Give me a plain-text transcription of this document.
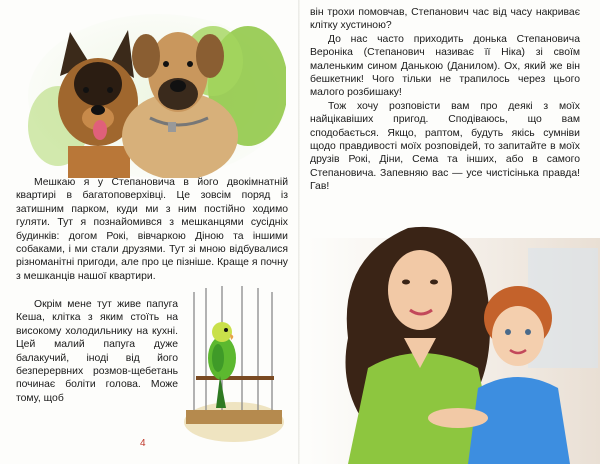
Мешкаю я у Степановича в його двокімнатній квартирі в багатоповерхівці. Це зовсім поряд із затишним парком, куди ми з ним постійно ходимо гуляти. Тут я познайомився з мешканцями сусідніх будинків: догом Рокі, вівчаркою Діною та іншими собаками, і ми стали друзями. Тут зі мною відбувалися різноманітні пригоди, але про це пізніше. Краще я почну з мешканців нашої квартири.

Окрім мене тут живе папуга Кеша, клітка з яким стоїть на високому холодильнику на кухні. Цей малий папуга дуже балакучий, іноді від його безперервних розмов-щебетань починає боліти голова. Може тому, щоб

4

він трохи помовчав, Степанович час від часу накриває клітку хустиною?

До нас часто приходить донька Степановича Вероніка (Степанович називає її Ніка) зі своїм маленьким сином Данькою (Данилом). Ох, який же він бешкетник! Чого тільки не трапилось через цього малого розбишаку!

Тож хочу розповісти вам про деякі з моїх найцікавіших пригод. Сподіваюсь, що вам сподобається. Якщо, раптом, будуть якісь сумніви щодо правдивості моїх розповідей, то запитайте в моїх друзів Рокі, Діни, Сема та інших, або в самого Степановича. Запевняю вас — усе чистісінька правда! Гав!
